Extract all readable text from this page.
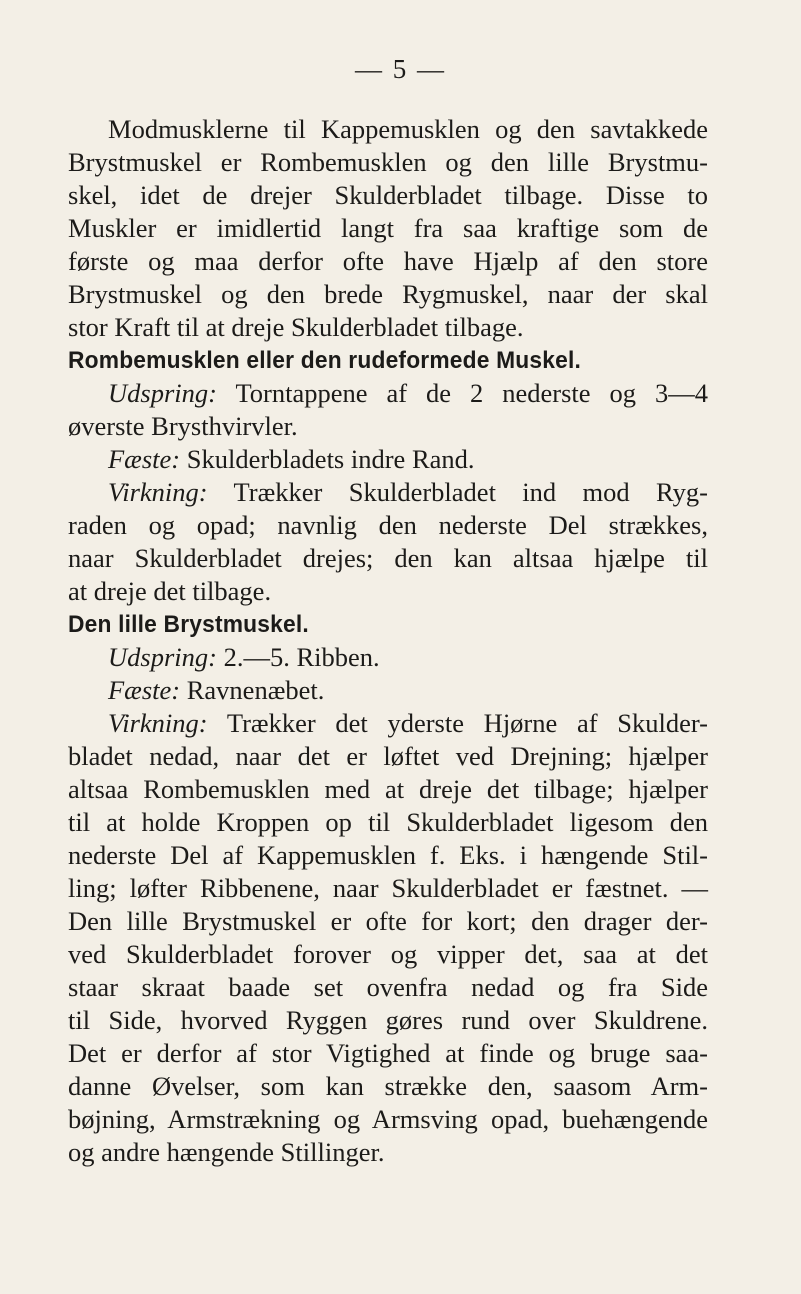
— 5 —
Modmusklerne til Kappemusklen og den savtakkede
Brystmuskel er Rombemusklen og den lille Brystmu-
skel, idet de drejer Skulderbladet tilbage. Disse to
Muskler er imidlertid langt fra saa kraftige som de
første og maa derfor ofte have Hjælp af den store
Brystmuskel og den brede Rygmuskel, naar der skal
stor Kraft til at dreje Skulderbladet tilbage.
Rombemusklen eller den rudeformede Muskel.
Udspring: Torntappene af de 2 nederste og 3—4
øverste Brysthvirvler.
Fæste: Skulderbladets indre Rand.
Virkning: Trækker Skulderbladet ind mod Ryg-
raden og opad; navnlig den nederste Del strækkes,
naar Skulderbladet drejes; den kan altsaa hjælpe til
at dreje det tilbage.
Den lille Brystmuskel.
Udspring: 2.—5. Ribben.
Fæste: Ravnenæbet.
Virkning: Trækker det yderste Hjørne af Skulder-
bladet nedad, naar det er løftet ved Drejning; hjælper
altsaa Rombemusklen med at dreje det tilbage; hjælper
til at holde Kroppen op til Skulderbladet ligesom den
nederste Del af Kappemusklen f. Eks. i hængende Stil-
ling; løfter Ribbenene, naar Skulderbladet er fæstnet. —
Den lille Brystmuskel er ofte for kort; den drager der-
ved Skulderbladet forover og vipper det, saa at det
staar skraat baade set ovenfra nedad og fra Side
til Side, hvorved Ryggen gøres rund over Skuldrene.
Det er derfor af stor Vigtighed at finde og bruge saa-
danne Øvelser, som kan strække den, saasom Arm-
bøjning, Armstrækning og Armsving opad, buehængende
og andre hængende Stillinger.
